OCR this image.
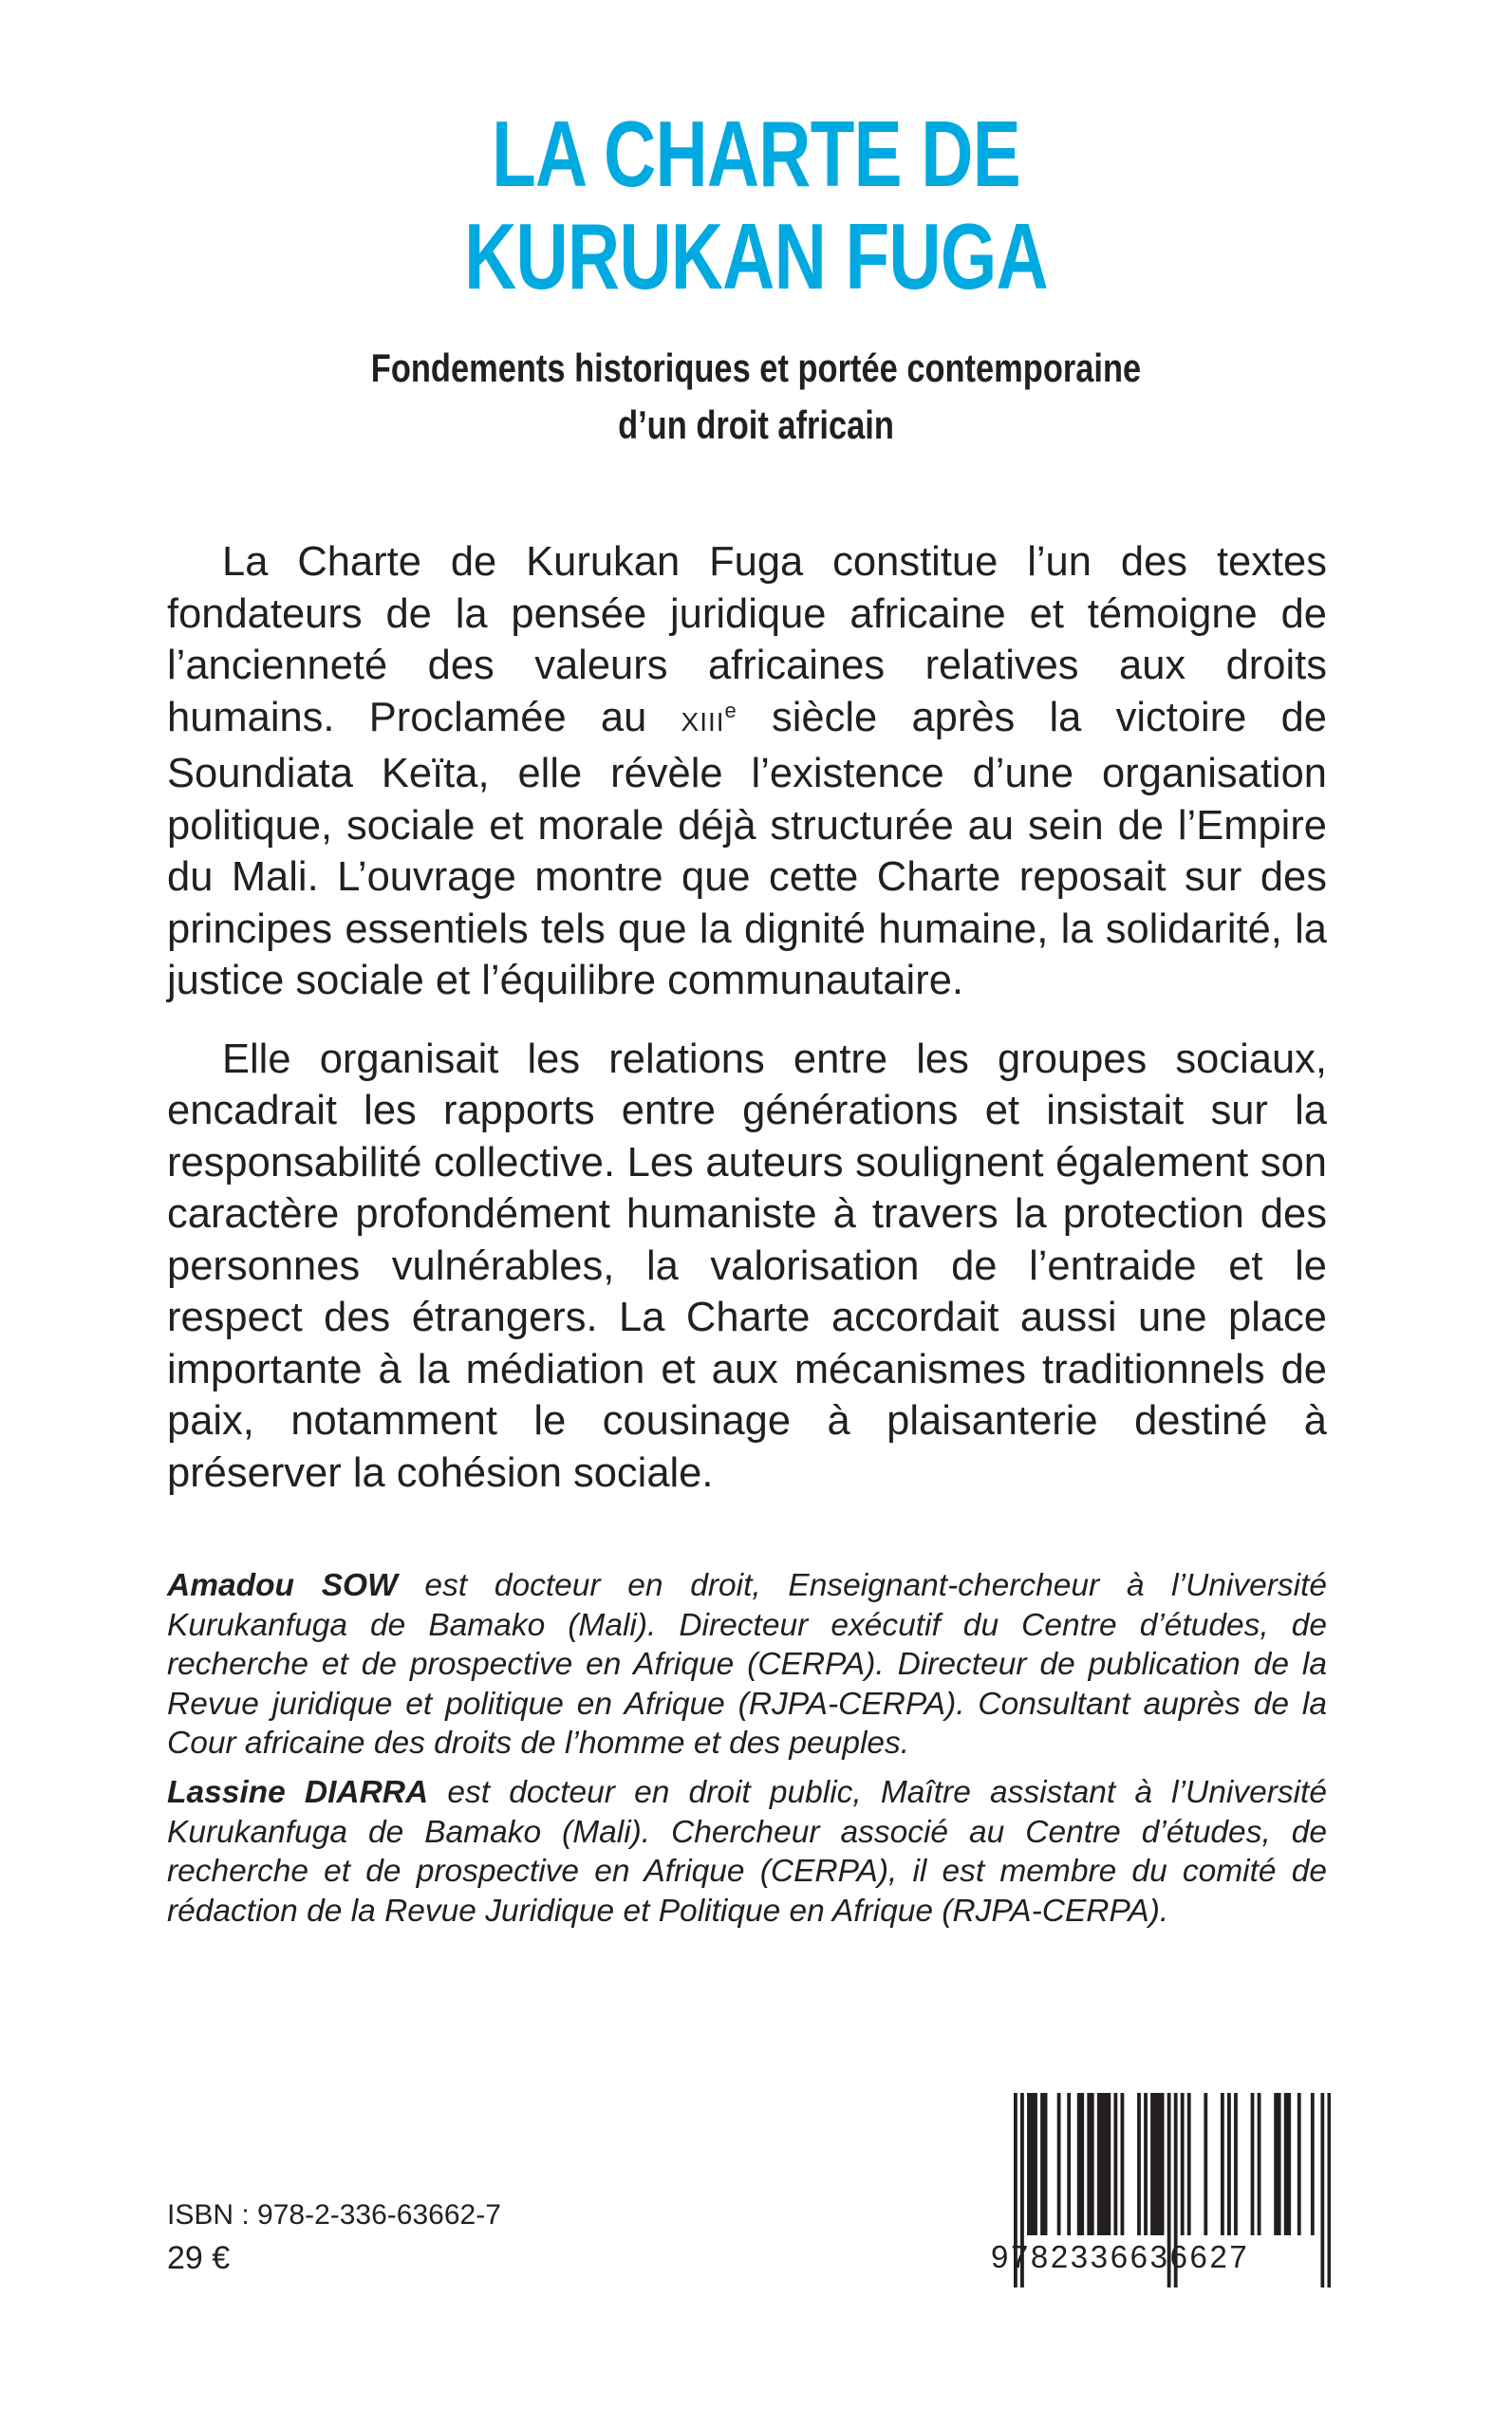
LA CHARTE DE
KURUKAN FUGA
Fondements historiques et portée contemporaine
d’un droit africain

La Charte de Kurukan Fuga constitue l’un des textes fondateurs de la pensée juridique africaine et témoigne de l’ancienneté des valeurs africaines relatives aux droits humains. Proclamée au XIIIe siècle après la victoire de Soundiata Keïta, elle révèle l’existence d’une organisation politique, sociale et morale déjà structurée au sein de l’Empire du Mali. L’ouvrage montre que cette Charte reposait sur des principes essentiels tels que la dignité humaine, la solidarité, la justice sociale et l’équilibre communautaire.

Elle organisait les relations entre les groupes sociaux, encadrait les rapports entre générations et insistait sur la responsabilité collective. Les auteurs soulignent également son caractère profondément humaniste à travers la protection des personnes vulnérables, la valorisation de l’entraide et le respect des étrangers. La Charte accordait aussi une place importante à la médiation et aux mécanismes traditionnels de paix, notamment le cousinage à plaisanterie destiné à préserver la cohésion sociale.

Amadou SOW est docteur en droit, Enseignant-chercheur à l’Université Kurukanfuga de Bamako (Mali). Directeur exécutif du Centre d’études, de recherche et de prospective en Afrique (CERPA). Directeur de publication de la Revue juridique et politique en Afrique (RJPA-CERPA). Consultant auprès de la Cour africaine des droits de l’homme et des peuples.
Lassine DIARRA est docteur en droit public, Maître assistant à l’Université Kurukanfuga de Bamako (Mali). Chercheur associé au Centre d’études, de recherche et de prospective en Afrique (CERPA), il est membre du comité de rédaction de la Revue Juridique et Politique en Afrique (RJPA-CERPA).
ISBN : 978-2-336-63662-7
29 €	9782336636627
